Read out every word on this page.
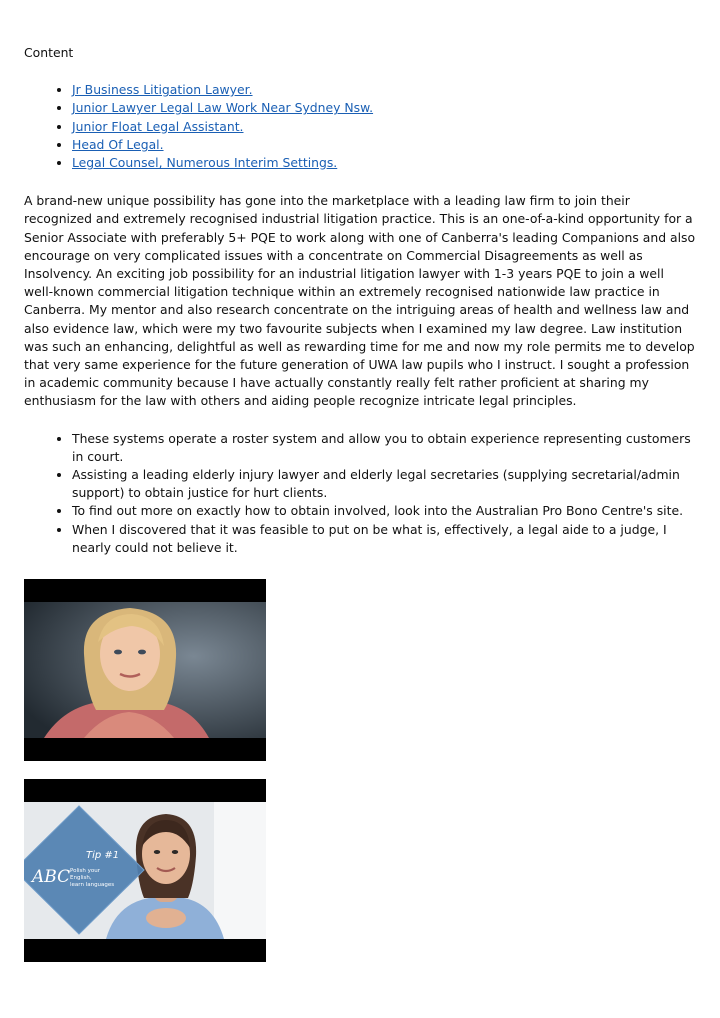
Content

• Jr Business Litigation Lawyer.
• Junior Lawyer Legal Law Work Near Sydney Nsw.
• Junior Float Legal Assistant.
• Head Of Legal.
• Legal Counsel, Numerous Interim Settings.

A brand-new unique possibility has gone into the marketplace with a leading law firm to join their recognized and extremely recognised industrial litigation practice. This is an one-of-a-kind opportunity for a Senior Associate with preferably 5+ PQE to work along with one of Canberra's leading Companions and also encourage on very complicated issues with a concentrate on Commercial Disagreements as well as Insolvency. An exciting job possibility for an industrial litigation lawyer with 1-3 years PQE to join a well well-known commercial litigation technique within an extremely recognised nationwide law practice in Canberra. My mentor and also research concentrate on the intriguing areas of health and wellness law and also evidence law, which were my two favourite subjects when I examined my law degree. Law institution was such an enhancing, delightful as well as rewarding time for me and now my role permits me to develop that very same experience for the future generation of UWA law pupils who I instruct. I sought a profession in academic community because I have actually constantly really felt rather proficient at sharing my enthusiasm for the law with others and aiding people recognize intricate legal principles.

• These systems operate a roster system and allow you to obtain experience representing customers in court.
• Assisting a leading elderly injury lawyer and elderly legal secretaries (supplying secretarial/admin support) to obtain justice for hurt clients.
• To find out more on exactly how to obtain involved, look into the Australian Pro Bono Centre's site.
• When I discovered that it was feasible to put on be what is, effectively, a legal aide to a judge, I nearly could not believe it.
Tip #1
ABC Polish your
English,
learn languages
